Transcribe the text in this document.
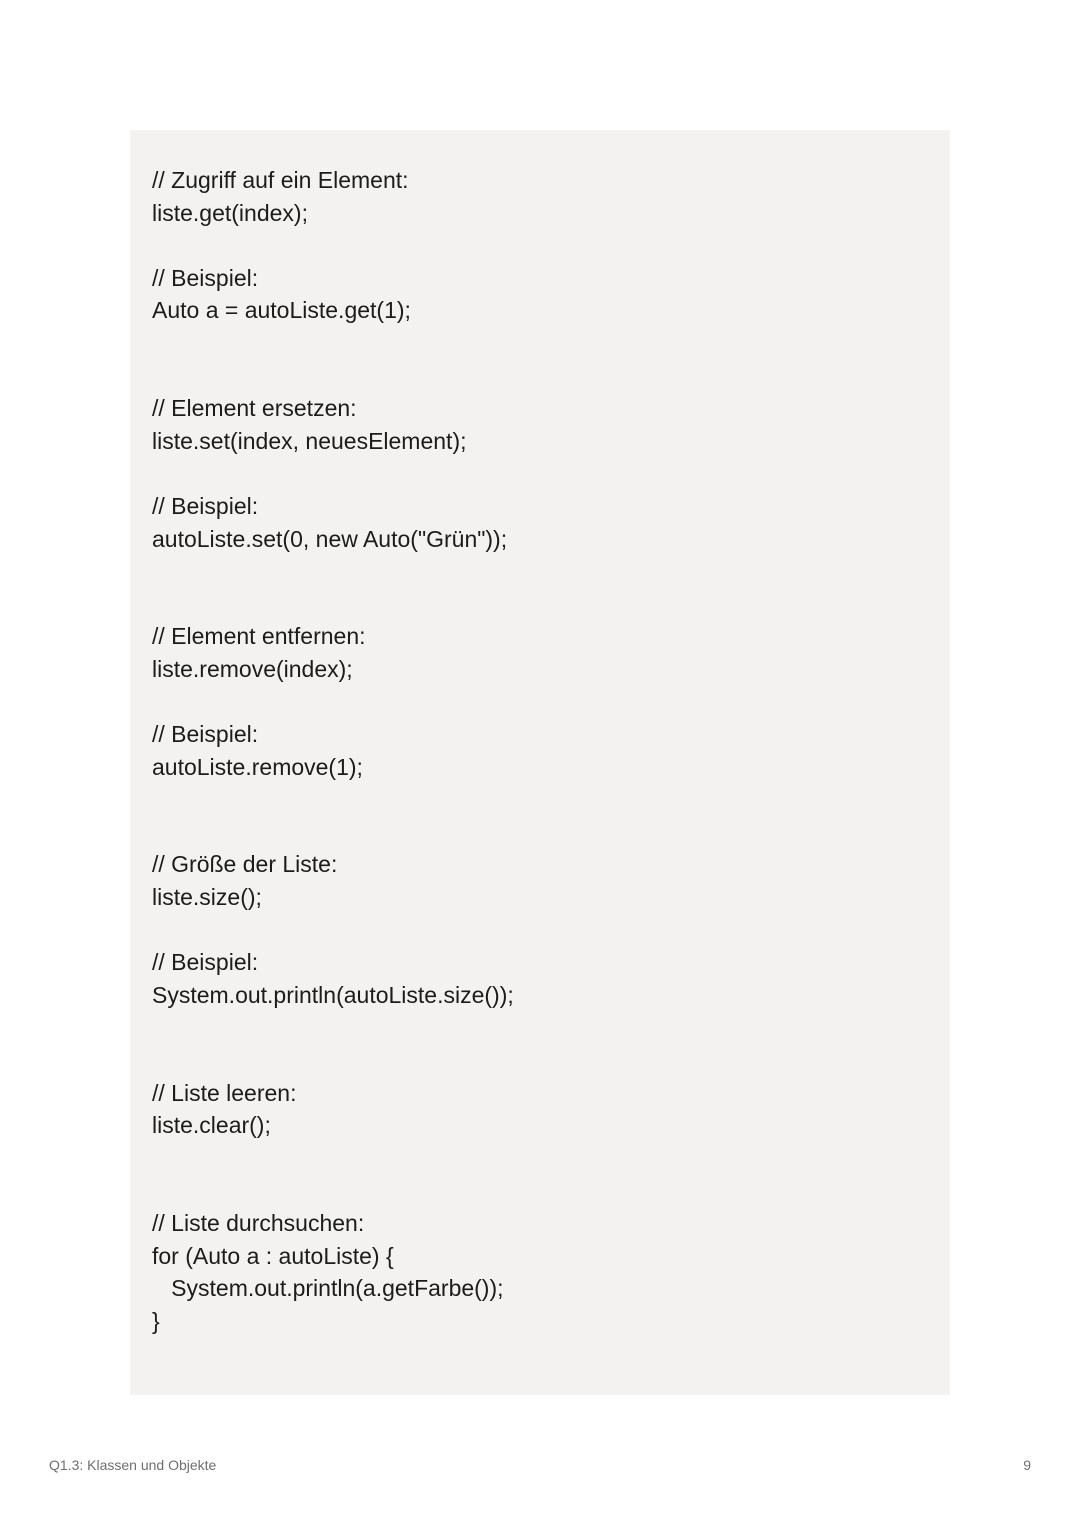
// Zugriff auf ein Element:
liste.get(index);
// Beispiel:
Auto a = autoListe.get(1);
// Element ersetzen:
liste.set(index, neuesElement);
// Beispiel:
autoListe.set(0, new Auto("Grün"));
// Element entfernen:
liste.remove(index);
// Beispiel:
autoListe.remove(1);
// Größe der Liste:
liste.size();
// Beispiel:
System.out.println(autoListe.size());
// Liste leeren:
liste.clear();
// Liste durchsuchen:
for (Auto a : autoListe) {
System.out.println(a.getFarbe());
}
Q1.3: Klassen und Objekte	9
